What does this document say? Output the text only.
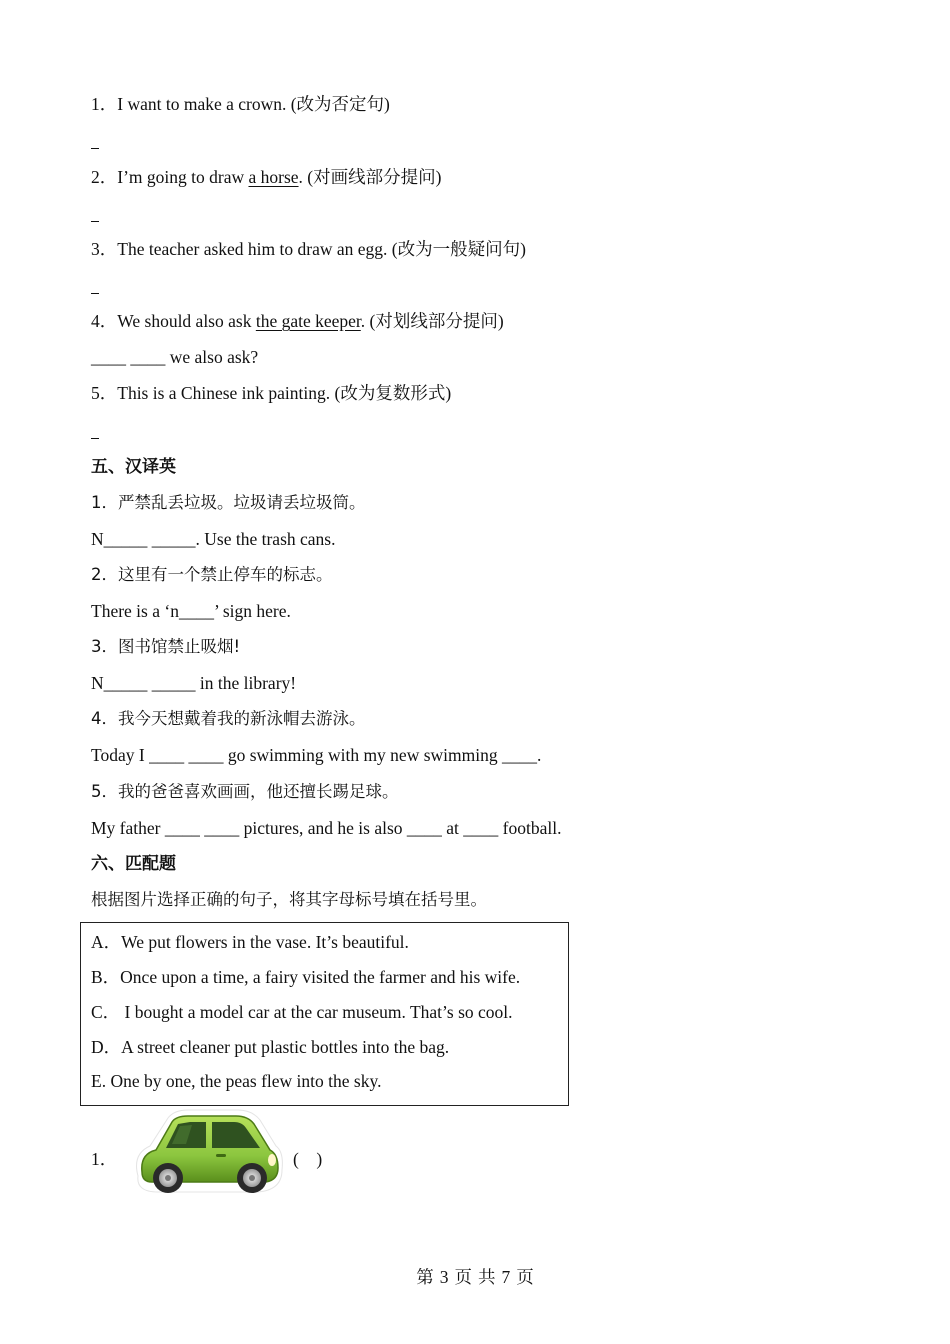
1．I want to make a crown. (改为否定句)
2．I’m going to draw a horse. (对画线部分提问)
3．The teacher asked him to draw an egg. (改为一般疑问句)
4．We should also ask the gate keeper. (对划线部分提问)
____ ____ we also ask?
5．This is a Chinese ink painting. (改为复数形式)
五、汉译英
1．严禁乱丢垃圾。垃圾请丢垃圾筒。
N_____ _____. Use the trash cans.
2．这里有一个禁止停车的标志。
There is a ‘n____’ sign here.
3．图书馆禁止吸烟!
N_____ _____ in the library!
4．我今天想戴着我的新泳帽去游泳。
Today I ____ ____ go swimming with my new swimming ____.
5．我的爸爸喜欢画画，他还擅长踢足球。
My father ____ ____ pictures, and he is also ____ at ____ football.
六、匹配题
根据图片选择正确的句子，将其字母标号填在括号里。
A．We put flowers in the vase. It’s beautiful.
B．Once upon a time, a fairy visited the farmer and his wife.
C． I bought a model car at the car museum. That’s so cool.
D．A street cleaner put plastic bottles into the bag.
E. One by one, the peas flew into the sky.
1．	(    )
第 3 页 共 7 页
